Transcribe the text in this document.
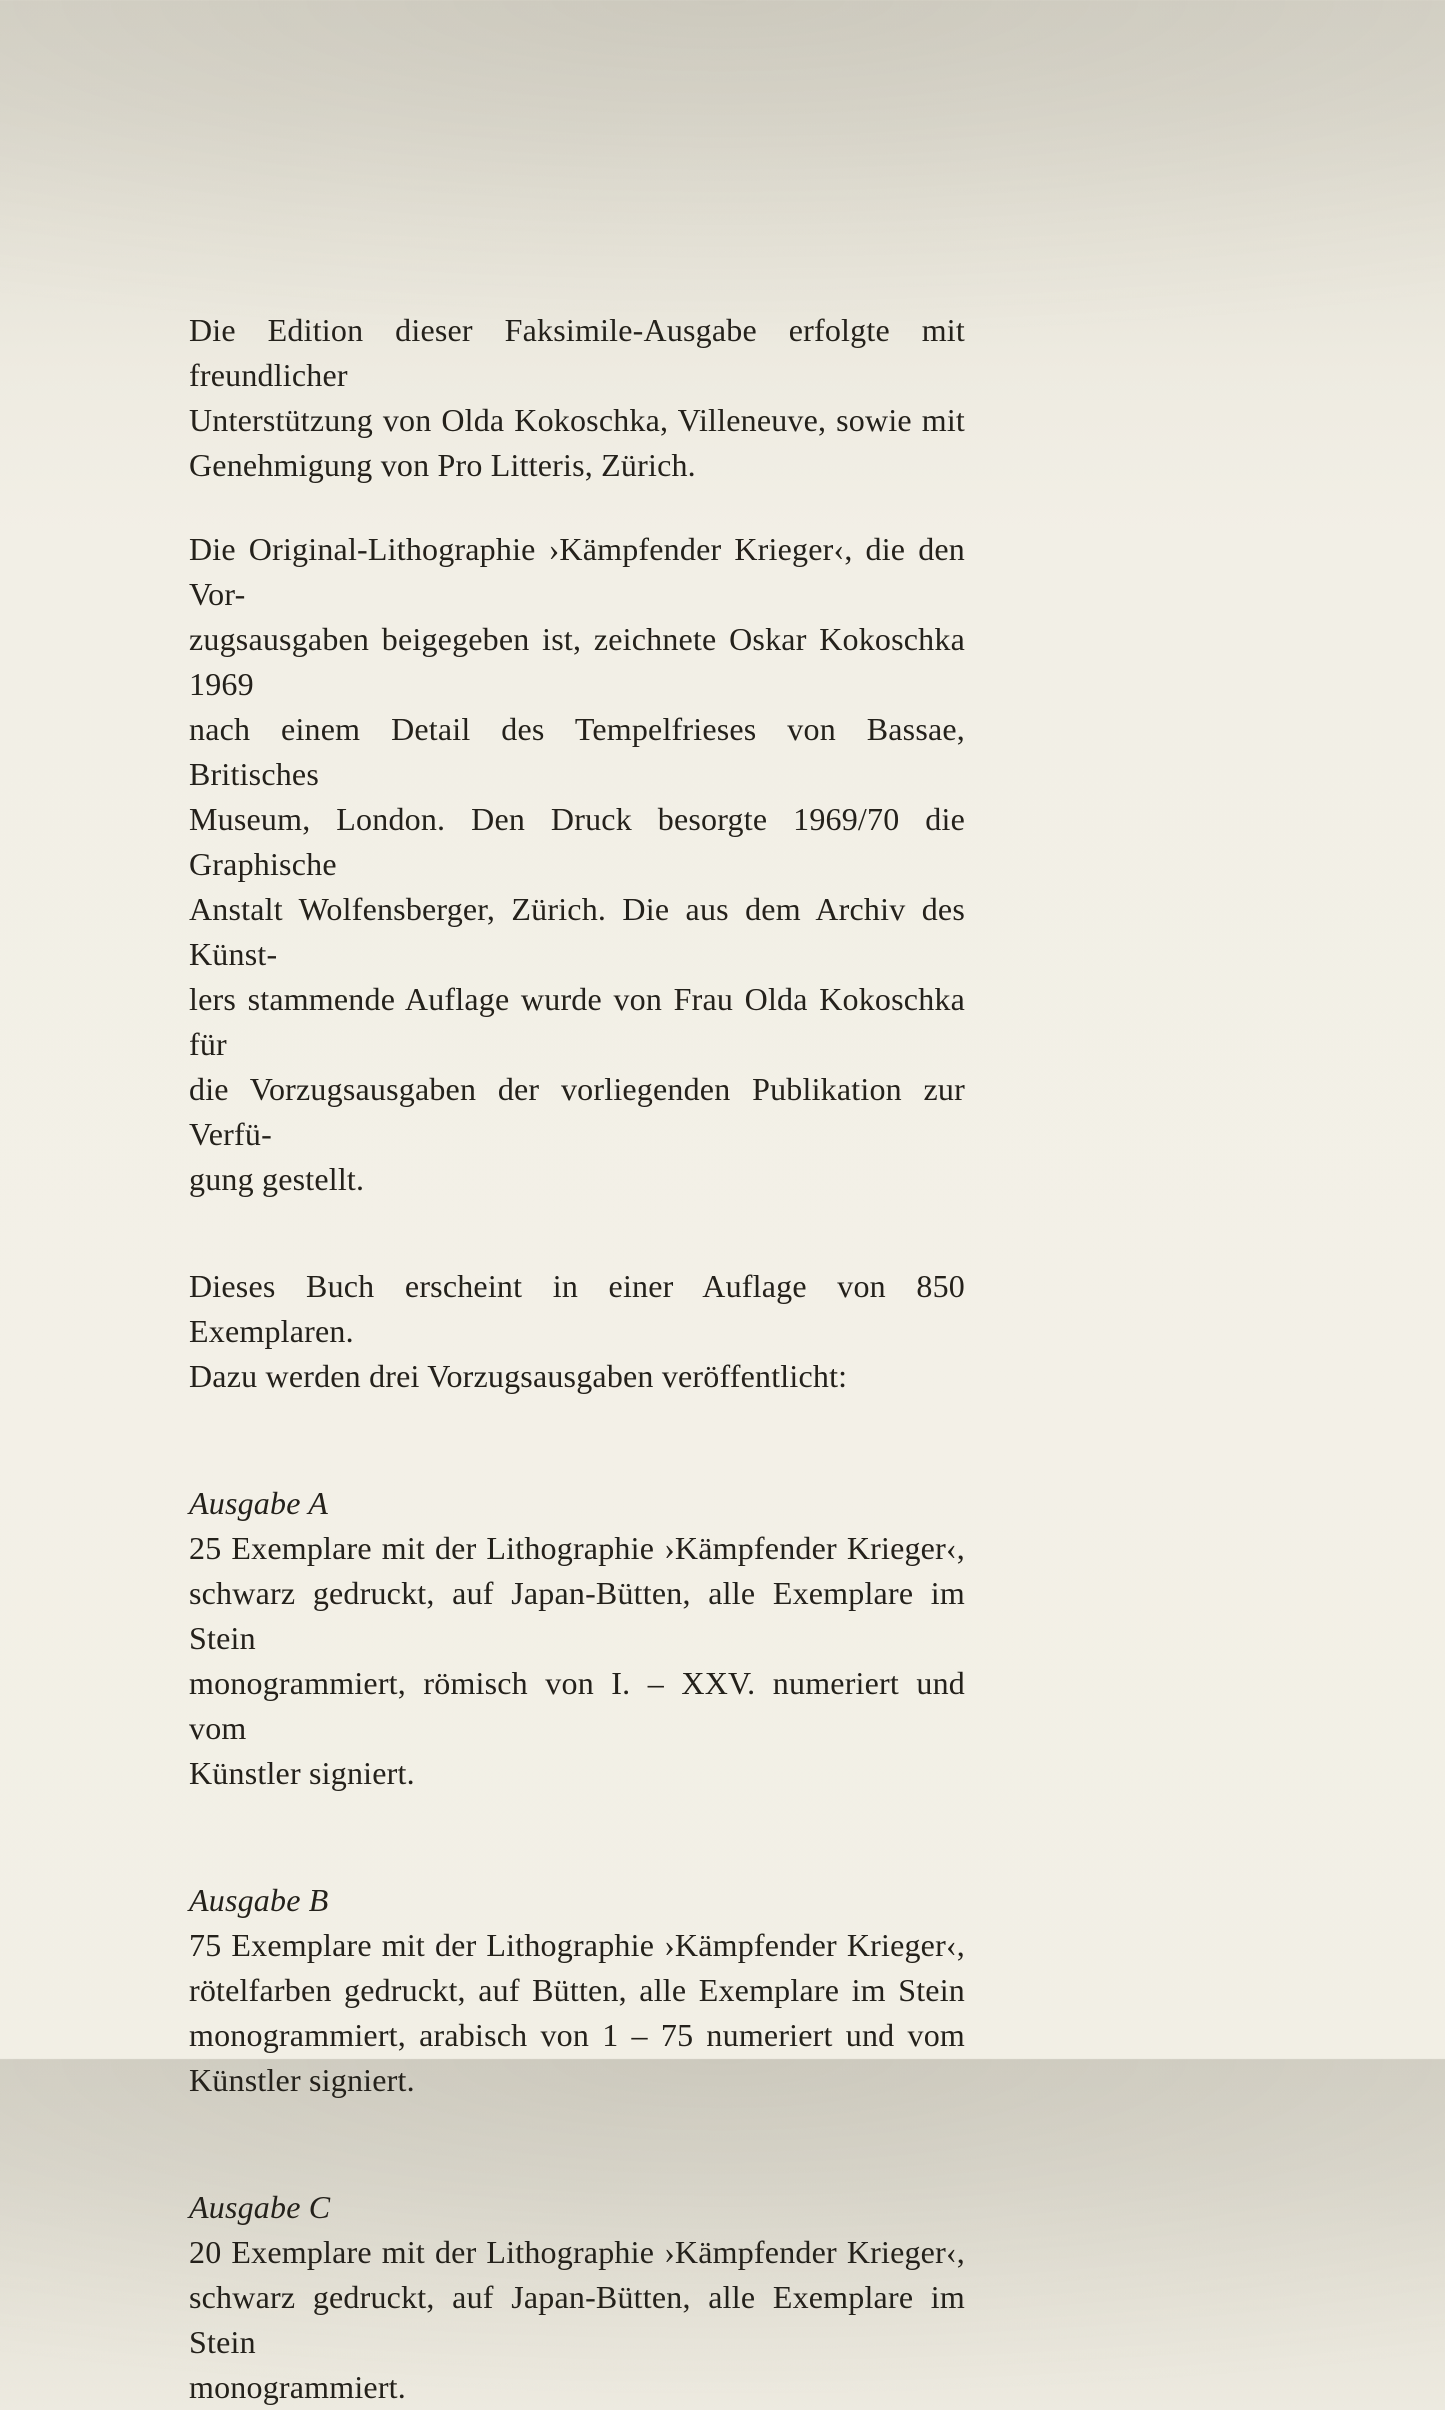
Die Edition dieser Faksimile-Ausgabe erfolgte mit freundlicher
Unterstützung von Olda Kokoschka, Villeneuve, sowie mit
Genehmigung von Pro Litteris, Zürich.
Die Original-Lithographie ›Kämpfender Krieger‹, die den Vor-
zugsausgaben beigegeben ist, zeichnete Oskar Kokoschka 1969
nach einem Detail des Tempelfrieses von Bassae, Britisches
Museum, London. Den Druck besorgte 1969/70 die Graphische
Anstalt Wolfensberger, Zürich. Die aus dem Archiv des Künst-
lers stammende Auflage wurde von Frau Olda Kokoschka für
die Vorzugsausgaben der vorliegenden Publikation zur Verfü-
gung gestellt.
Dieses Buch erscheint in einer Auflage von 850 Exemplaren.
Dazu werden drei Vorzugsausgaben veröffentlicht:
Ausgabe A
25 Exemplare mit der Lithographie ›Kämpfender Krieger‹,
schwarz gedruckt, auf Japan-Bütten, alle Exemplare im Stein
monogrammiert, römisch von I. – XXV. numeriert und vom
Künstler signiert.
Ausgabe B
75 Exemplare mit der Lithographie ›Kämpfender Krieger‹,
rötelfarben gedruckt, auf Bütten, alle Exemplare im Stein
monogrammiert, arabisch von 1 – 75 numeriert und vom
Künstler signiert.
Ausgabe C
20 Exemplare mit der Lithographie ›Kämpfender Krieger‹,
schwarz gedruckt, auf Japan-Bütten, alle Exemplare im Stein
monogrammiert.
